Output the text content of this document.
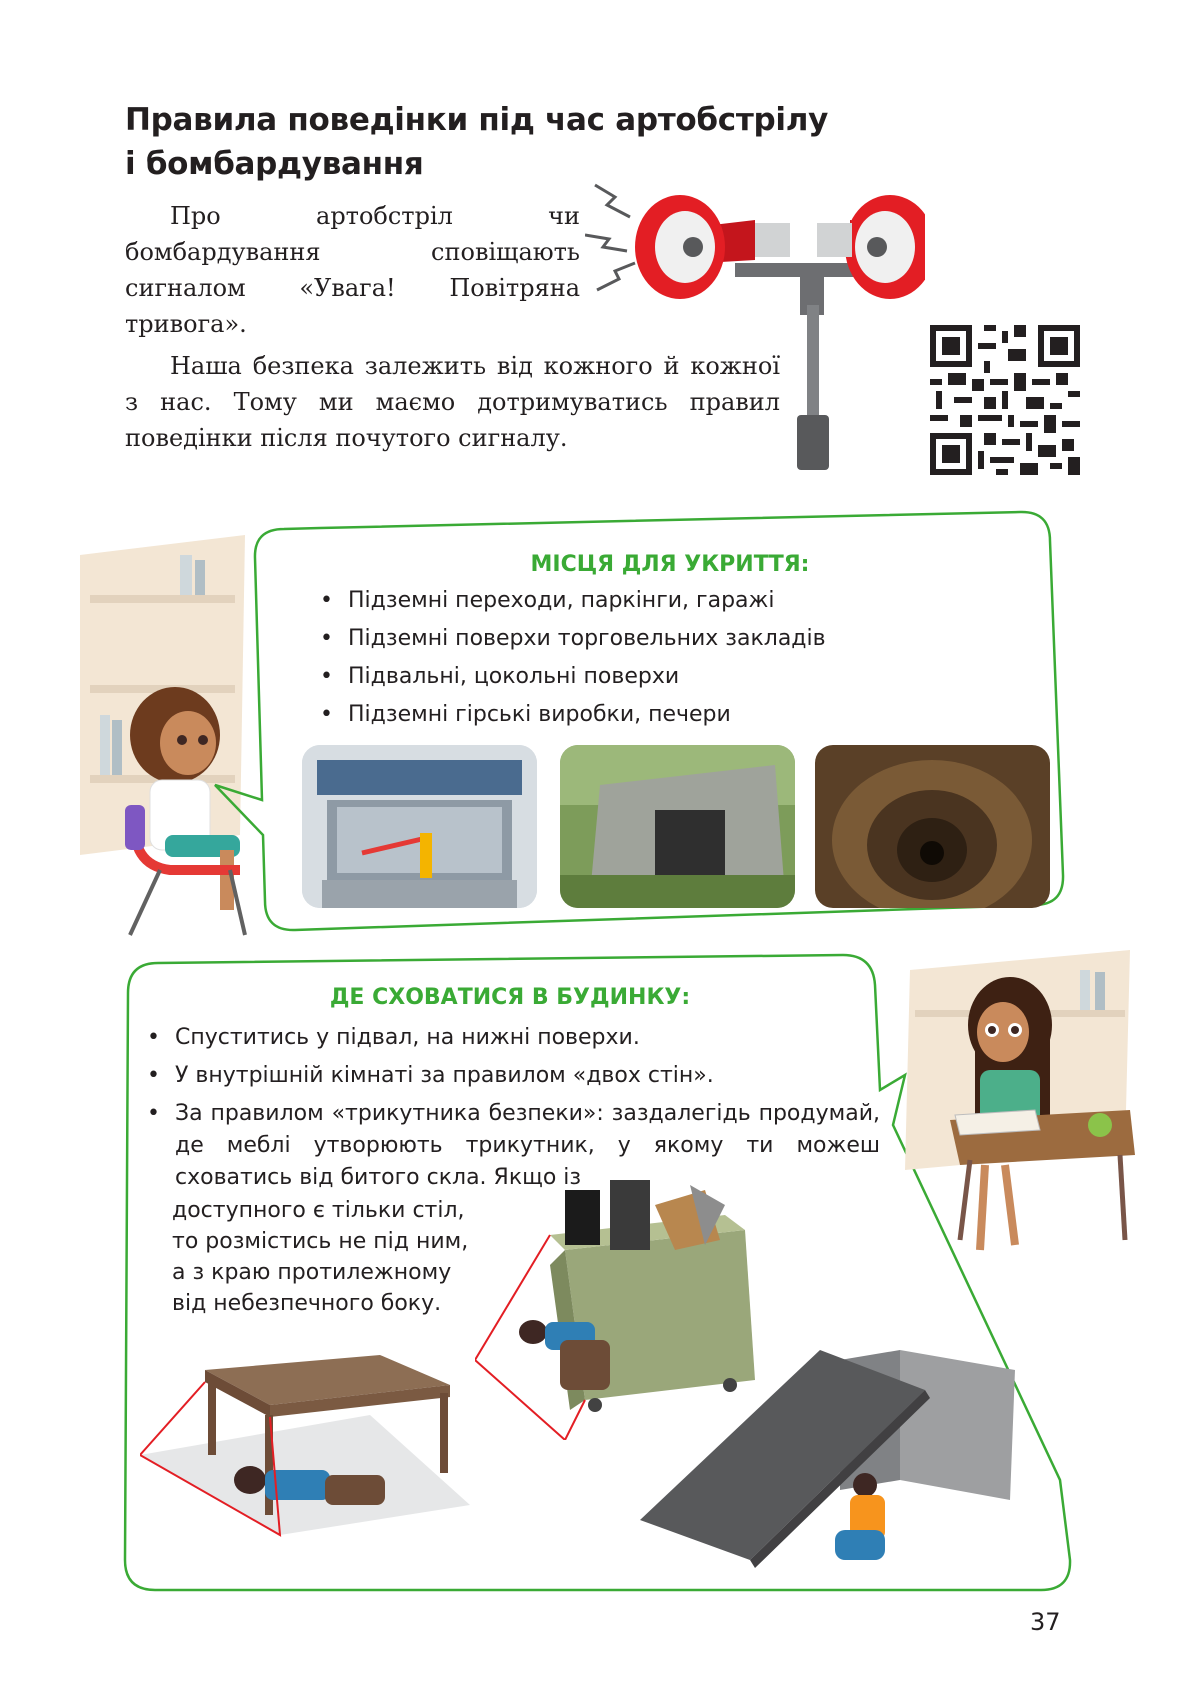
Правила поведінки під час артобстрілу і бомбардування

Про артобстріл чи бомбардування сповіщають сигналом «Увага! Повітряна тривога».

Наша безпека залежить від кожного й кожної з нас. Тому ми маємо дотримуватись правил поведінки після почутого сигналу.

МІСЦЯ ДЛЯ УКРИТТЯ:
• Підземні переходи, паркінги, гаражі
• Підземні поверхи торговельних закладів
• Підвальні, цокольні поверхи
• Підземні гірські виробки, печери
ДЕ СХОВАТИСЯ В БУДИНКУ:
• Спуститись у підвал, на нижні поверхи.
• У внутрішній кімнаті за правилом «двох стін».
• За правилом «трикутника безпеки»: заздалегідь продумай, де меблі утворюють трикутник, у якому ти можеш сховатись від битого скла. Якщо із
доступного є тільки стіл, то розмістись не під ним, а з краю протилежному від небезпечного боку.
37
